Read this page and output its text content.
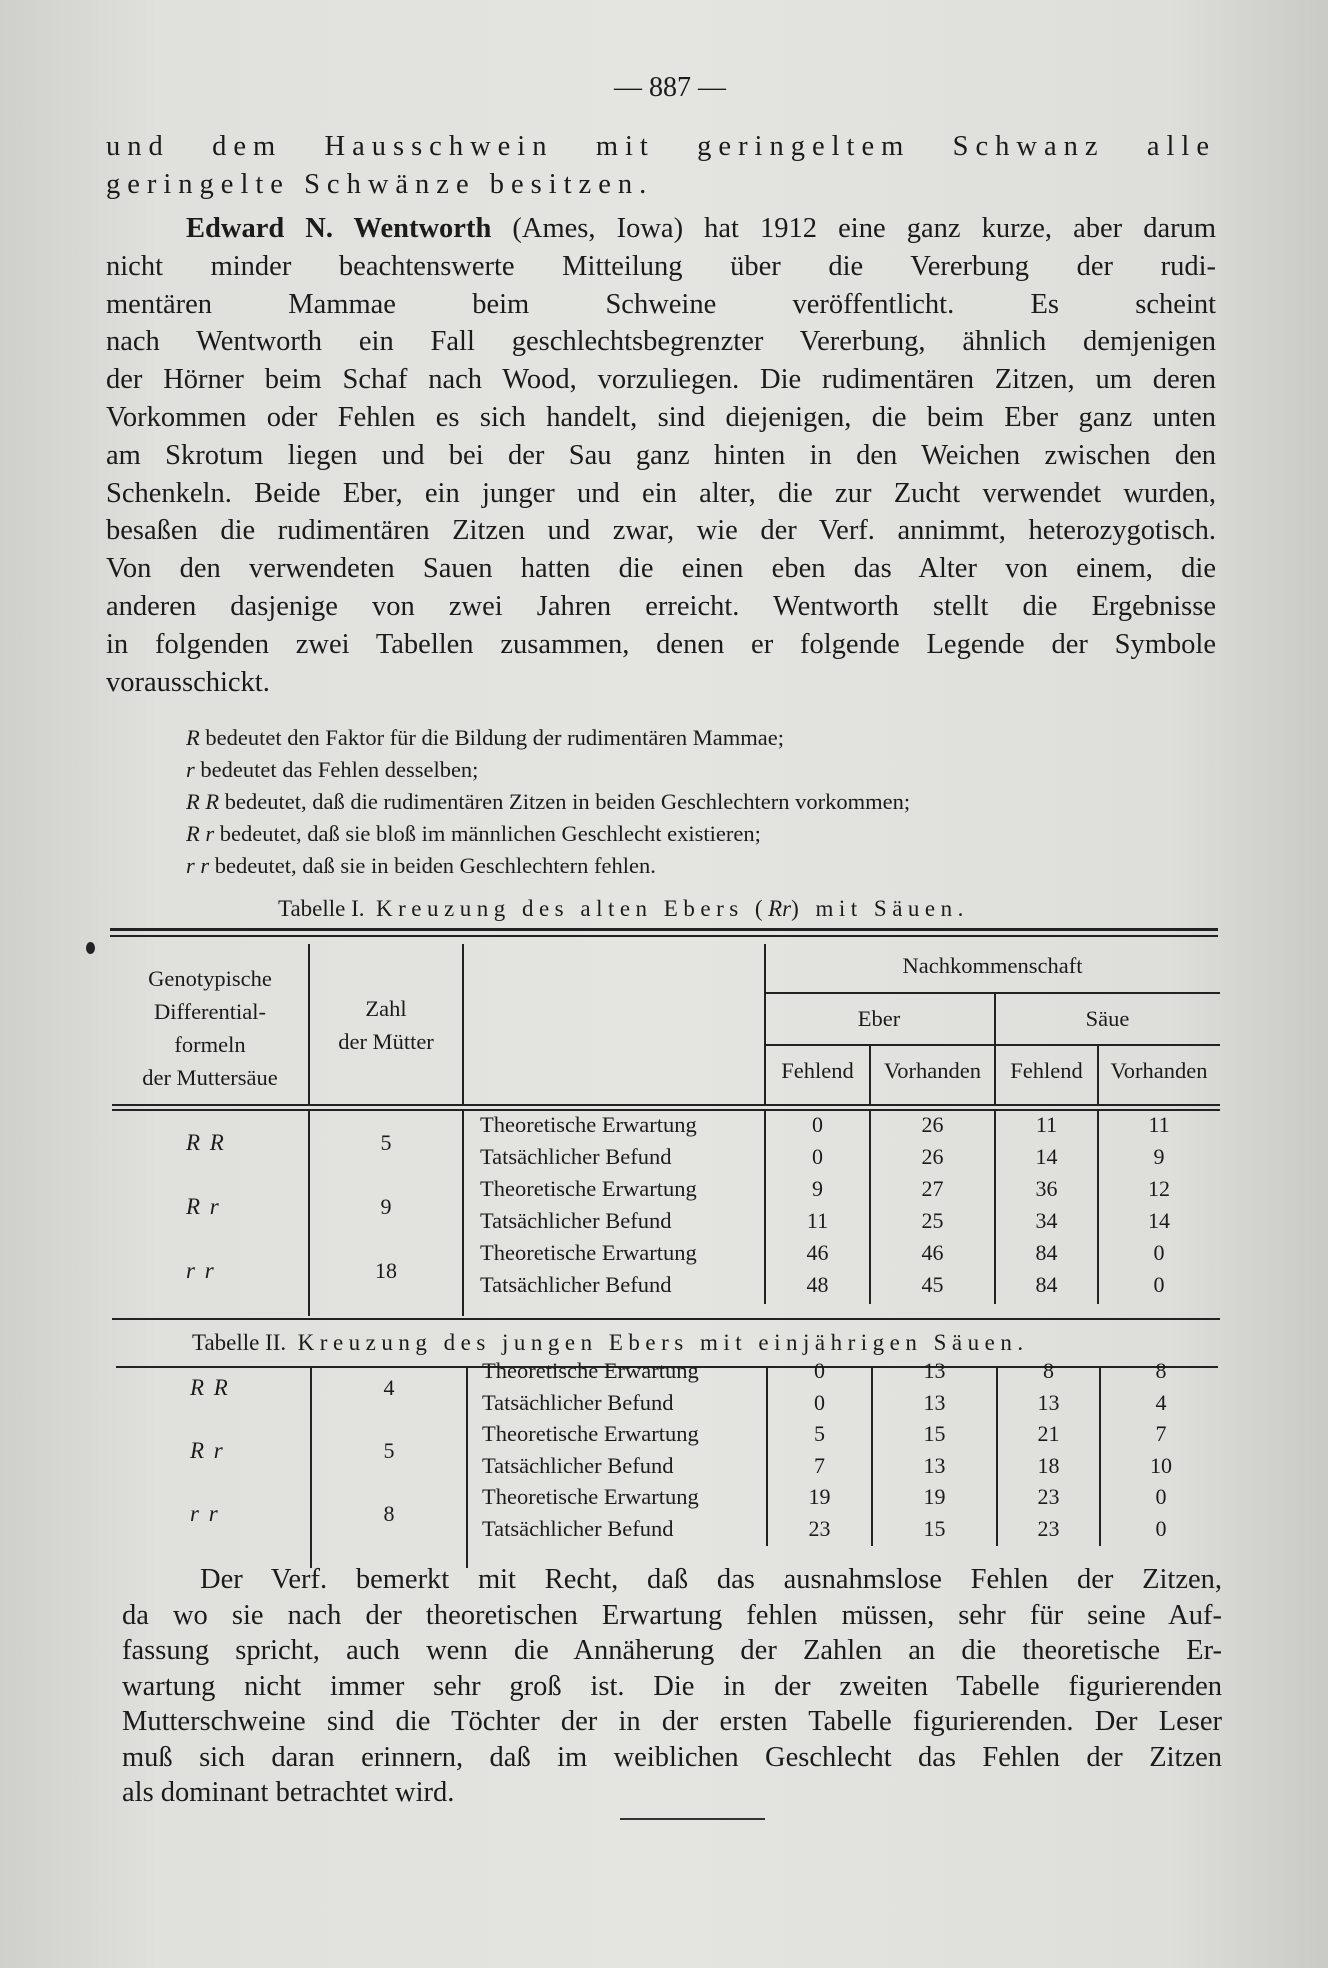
— 887 —
und dem Hausschwein mit geringeltem Schwanz alle
geringelte Schwänze besitzen.
Edward N. Wentworth (Ames, Iowa) hat 1912 eine ganz kurze, aber darum
nicht minder beachtenswerte Mitteilung über die Vererbung der rudi-
mentären Mammae beim Schweine veröffentlicht. Es scheint
nach Wentworth ein Fall geschlechtsbegrenzter Vererbung, ähnlich demjenigen
der Hörner beim Schaf nach Wood, vorzuliegen. Die rudimentären Zitzen, um deren
Vorkommen oder Fehlen es sich handelt, sind diejenigen, die beim Eber ganz unten
am Skrotum liegen und bei der Sau ganz hinten in den Weichen zwischen den
Schenkeln. Beide Eber, ein junger und ein alter, die zur Zucht verwendet wurden,
besaßen die rudimentären Zitzen und zwar, wie der Verf. annimmt, heterozygotisch.
Von den verwendeten Sauen hatten die einen eben das Alter von einem, die
anderen dasjenige von zwei Jahren erreicht. Wentworth stellt die Ergebnisse
in folgenden zwei Tabellen zusammen, denen er folgende Legende der Symbole
vorausschickt.
R bedeutet den Faktor für die Bildung der rudimentären Mammae;
r bedeutet das Fehlen desselben;
R R bedeutet, daß die rudimentären Zitzen in beiden Geschlechtern vorkommen;
R r bedeutet, daß sie bloß im männlichen Geschlecht existieren;
r r bedeutet, daß sie in beiden Geschlechtern fehlen.
Tabelle I. Kreuzung des alten Ebers (Rr) mit Säuen.
Genotypische
Differential-
formeln
der Muttersäue
Zahl
der Mütter
Nachkommenschaft
Eber	Säue
Fehlend	Vorhanden	Fehlend	Vorhanden
R R	5
Theoretische Erwartung	0	26	11	11
Tatsächlicher Befund	0	26	14	9
R r	9
Theoretische Erwartung	9	27	36	12
Tatsächlicher Befund	11	25	34	14
r r	18
Theoretische Erwartung	46	46	84	0
Tatsächlicher Befund	48	45	84	0
Tabelle II. Kreuzung des jungen Ebers mit einjährigen Säuen.
R R	4
Theoretische Erwartung	0	13	8	8
Tatsächlicher Befund	0	13	13	4
R r	5
Theoretische Erwartung	5	15	21	7
Tatsächlicher Befund	7	13	18	10
r r	8
Theoretische Erwartung	19	19	23	0
Tatsächlicher Befund	23	15	23	0
Der Verf. bemerkt mit Recht, daß das ausnahmslose Fehlen der Zitzen,
da wo sie nach der theoretischen Erwartung fehlen müssen, sehr für seine Auf-
fassung spricht, auch wenn die Annäherung der Zahlen an die theoretische Er-
wartung nicht immer sehr groß ist. Die in der zweiten Tabelle figurierenden
Mutterschweine sind die Töchter der in der ersten Tabelle figurierenden. Der Leser
muß sich daran erinnern, daß im weiblichen Geschlecht das Fehlen der Zitzen
als dominant betrachtet wird.
